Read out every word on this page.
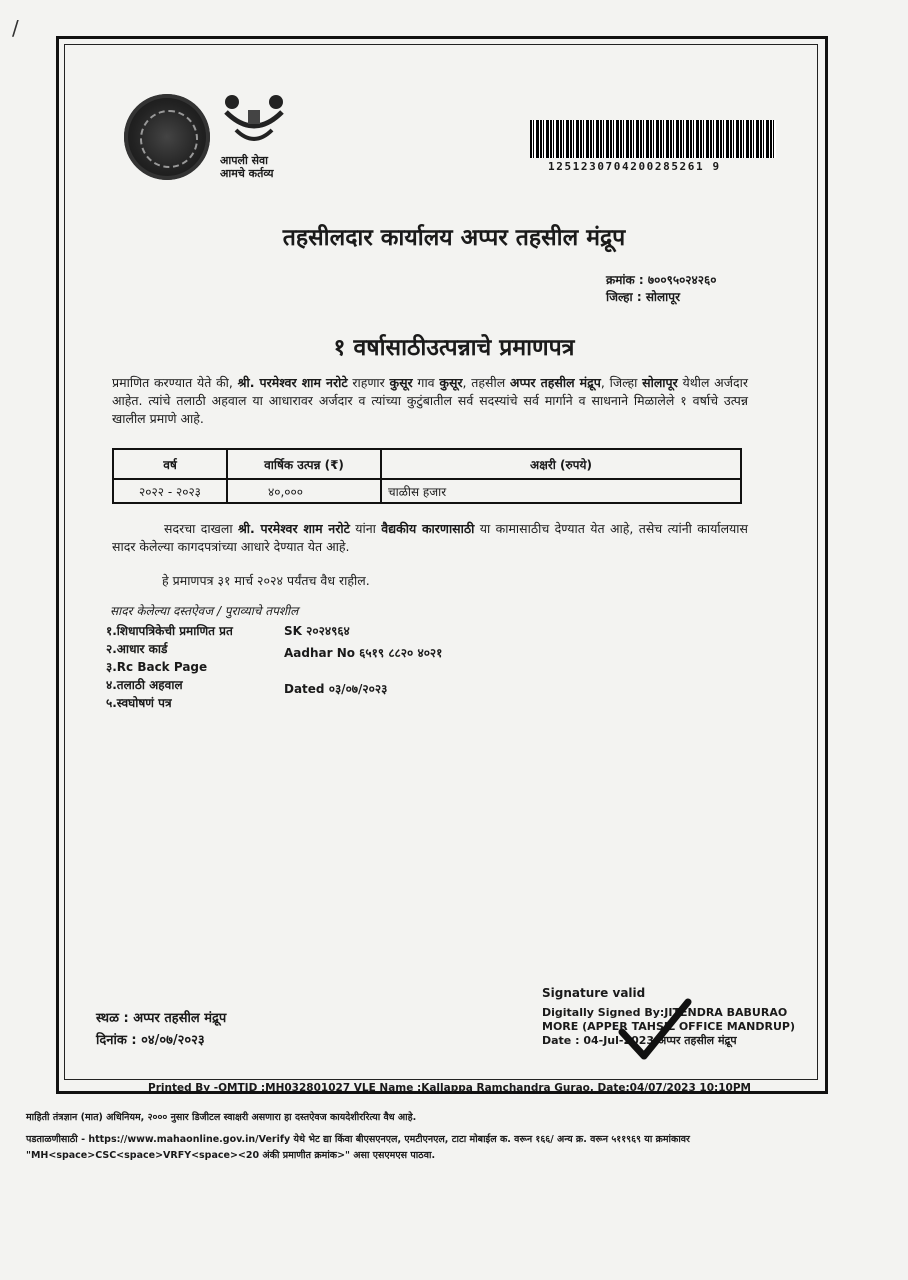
/
आपली सेवा
आमचे कर्तव्य
1251230704200285261 9
तहसीलदार कार्यालय अप्पर तहसील मंद्रूप
क्रमांक : ७००९५०२४२६०
जिल्हा : सोलापूर
१ वर्षासाठीउत्पन्नाचे प्रमाणपत्र
प्रमाणित करण्यात येते की, श्री. परमेश्वर शाम नरोटे राहणार कुसूर गाव कुसूर, तहसील अप्पर तहसील मंद्रूप, जिल्हा सोलापूर येथील अर्जदार आहेत. त्यांचे तलाठी अहवाल या आधारावर अर्जदार व त्यांच्या कुटुंबातील सर्व सदस्यांचे सर्व मार्गाने व साधनाने मिळालेले १ वर्षाचे उत्पन्न खालील प्रमाणे आहे.
वर्ष	वार्षिक उत्पन्न (₹)	अक्षरी (रुपये)
२०२२ - २०२३	४०,०००	चाळीस हजार
सदरचा दाखला श्री. परमेश्वर शाम नरोटे यांना वैद्यकीय कारणासाठी या कामासाठीच देण्यात येत आहे, तसेच त्यांनी कार्यालयास सादर केलेल्या कागदपत्रांच्या आधारे देण्यात येत आहे.
हे प्रमाणपत्र ३१ मार्च २०२४ पर्यंतच वैध राहील.
सादर केलेल्या दस्तऐवज / पुराव्याचे तपशील
१.शिधापत्रिकेची प्रमाणित प्रत	SK २०२४९६४
२.आधार कार्ड	Aadhar No ६५१९ ८८२० ४०२१
३.Rc Back Page
४.तलाठी अहवाल	Dated ०३/०७/२०२३
५.स्वघोषणं पत्र
स्थळ : अप्पर तहसील मंद्रूप
दिनांक : ०४/०७/२०२३
Signature valid
Digitally Signed By:JITENDRA BABURAO
MORE (APPER TAHSIL OFFICE MANDRUP)
Date : 04-Jul-2023 अप्पर तहसील मंद्रूप
Printed By -OMTID :MH032801027 VLE Name :Kallappa Ramchandra Gurao, Date:04/07/2023 10:10PM
माहिती तंत्रज्ञान (मात) अधिनियम, २००० नुसार डिजीटल स्वाक्षरी असणारा हा दस्तऐवज कायदेशीररित्या वैध आहे.
पडताळणीसाठी - https://www.mahaonline.gov.in/Verify येथे भेट द्या किंवा बीएसएनएल, एमटीएनएल, टाटा मोबाईल क. वरून १६६/ अन्य क्र. वरून ५११९६९ या क्रमांकावर
"MH<space>CSC<space>VRFY<space><20 अंकी प्रमाणीत क्रमांक>" असा एसएमएस पाठवा.
